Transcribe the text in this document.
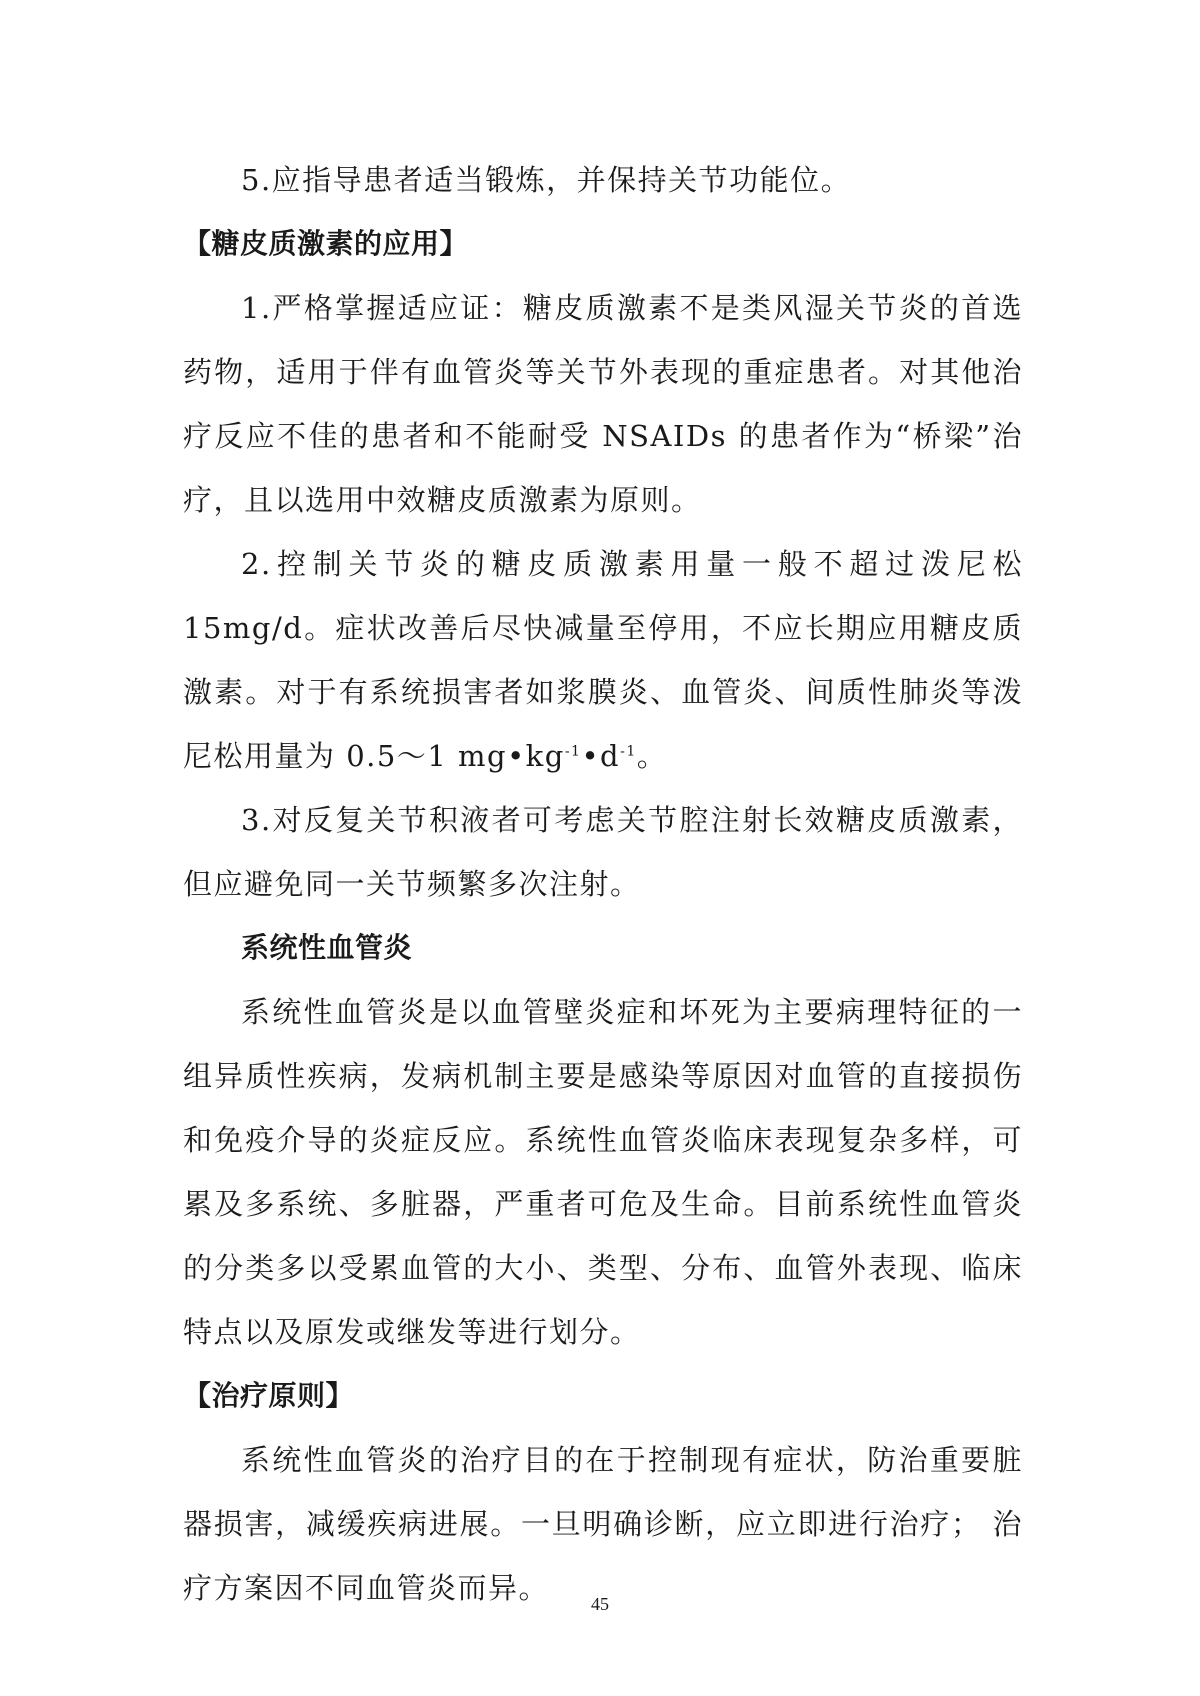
5.应指导患者适当锻炼，并保持关节功能位。

【糖皮质激素的应用】

1.严格掌握适应证：糖皮质激素不是类风湿关节炎的首选药物，适用于伴有血管炎等关节外表现的重症患者。对其他治疗反应不佳的患者和不能耐受 NSAIDs 的患者作为“桥梁”治疗，且以选用中效糖皮质激素为原则。

2.控制关节炎的糖皮质激素用量一般不超过泼尼松 15mg/d。症状改善后尽快减量至停用，不应长期应用糖皮质激素。对于有系统损害者如浆膜炎、血管炎、间质性肺炎等泼尼松用量为 0.5～1 $mg•kg^{-1}•d^{-1}$。

3.对反复关节积液者可考虑关节腔注射长效糖皮质激素，但应避免同一关节频繁多次注射。

系统性血管炎

系统性血管炎是以血管壁炎症和坏死为主要病理特征的一组异质性疾病，发病机制主要是感染等原因对血管的直接损伤和免疫介导的炎症反应。系统性血管炎临床表现复杂多样，可累及多系统、多脏器，严重者可危及生命。目前系统性血管炎的分类多以受累血管的大小、类型、分布、血管外表现、临床特点以及原发或继发等进行划分。

【治疗原则】

系统性血管炎的治疗目的在于控制现有症状，防治重要脏器损害，减缓疾病进展。一旦明确诊断，应立即进行治疗； 治疗方案因不同血管炎而异。	45
